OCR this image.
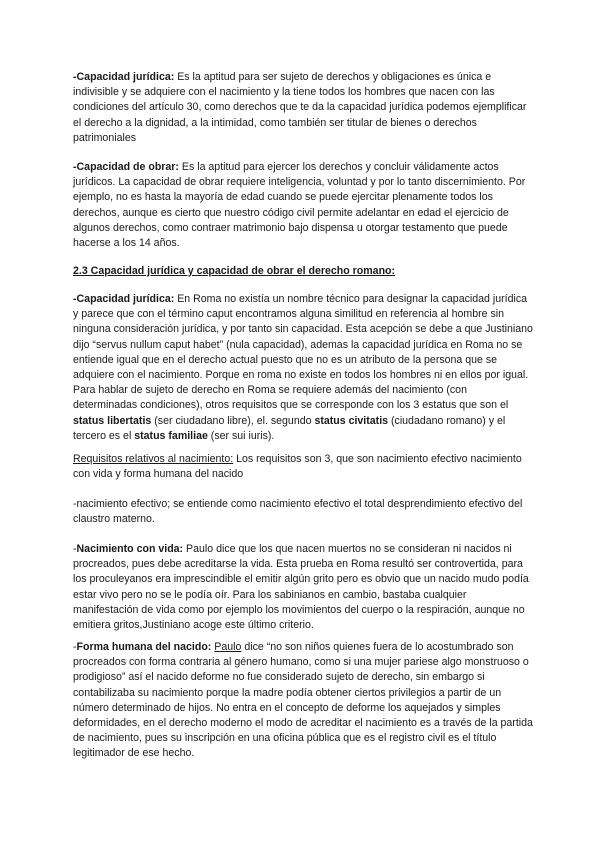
-Capacidad jurídica: Es la aptitud para ser sujeto de derechos y obligaciones es única e indivisible y se adquiere con el nacimiento y la tiene todos los hombres que nacen con las condiciones del artículo 30, como derechos que te da la capacidad jurídica podemos ejemplificar el derecho a la dignidad, a la intimidad, como también ser titular de bienes o derechos patrimoniales

-Capacidad de obrar: Es la aptitud para ejercer los derechos y concluir válidamente actos jurídicos. La capacidad de obrar requiere inteligencia, voluntad y por lo tanto discernimiento. Por ejemplo, no es hasta la mayoría de edad cuando se puede ejercitar plenamente todos los derechos, aunque es cierto que nuestro código civil permite adelantar en edad el ejercicio de algunos derechos, como contraer matrimonio bajo dispensa u otorgar testamento que puede hacerse a los 14 años.

2.3 Capacidad jurídica y capacidad de obrar el derecho romano:

-Capacidad jurídica: En Roma no existía un nombre técnico para designar la capacidad jurídica y parece que con el término caput encontramos alguna similitud en referencia al hombre sin ninguna consideración jurídica, y por tanto sin capacidad. Esta acepción se debe a que Justiniano dijo “servus nullum caput habet” (nula capacidad), ademas la capacidad jurídica en Roma no se entiende igual que en el derecho actual puesto que no es un atributo de la persona que se adquiere con el nacimiento. Porque en roma no existe en todos los hombres ni en ellos por igual. Para hablar de sujeto de derecho en Roma se requiere además del nacimiento (con determinadas condiciones), otros requisitos que se corresponde con los 3 estatus que son el status libertatis (ser ciudadano libre), el. segundo status civitatis (ciudadano romano) y el tercero es el status familiae (ser sui iuris).

Requisitos relativos al nacimiento: Los requisitos son 3, que son nacimiento efectivo nacimiento con vida y forma humana del nacido

-nacimiento efectivo; se entiende como nacimiento efectivo el total desprendimiento efectivo del claustro materno.

-Nacimiento con vida: Paulo dice que los que nacen muertos no se consideran ni nacidos ni procreados, pues debe acreditarse la vida. Esta prueba en Roma resultó ser controvertida, para los proculeyanos era imprescindible el emitir algún grito pero es obvio que un nacido mudo podía estar vivo pero no se le podía oír. Para los sabinianos en cambio, bastaba cualquier manifestación de vida como por ejemplo los movimientos del cuerpo o la respiración, aunque no emitiera gritos,Justiniano acoge este último criterio.

-Forma humana del nacido: Paulo dice “no son niños quienes fuera de lo acostumbrado son procreados con forma contraria al género humano, como si una mujer pariese algo monstruoso o prodigioso” así el nacido deforme no fue considerado sujeto de derecho, sin embargo si contabilizaba su nacimiento porque la madre podía obtener ciertos privilegios a partir de un número determinado de hijos. No entra en el concepto de deforme los aquejados y simples deformidades, en el derecho moderno el modo de acreditar el nacimiento es a través de la partida de nacimiento, pues su inscripción en una oficina pública que es el registro civil es el título legitimador de ese hecho.
